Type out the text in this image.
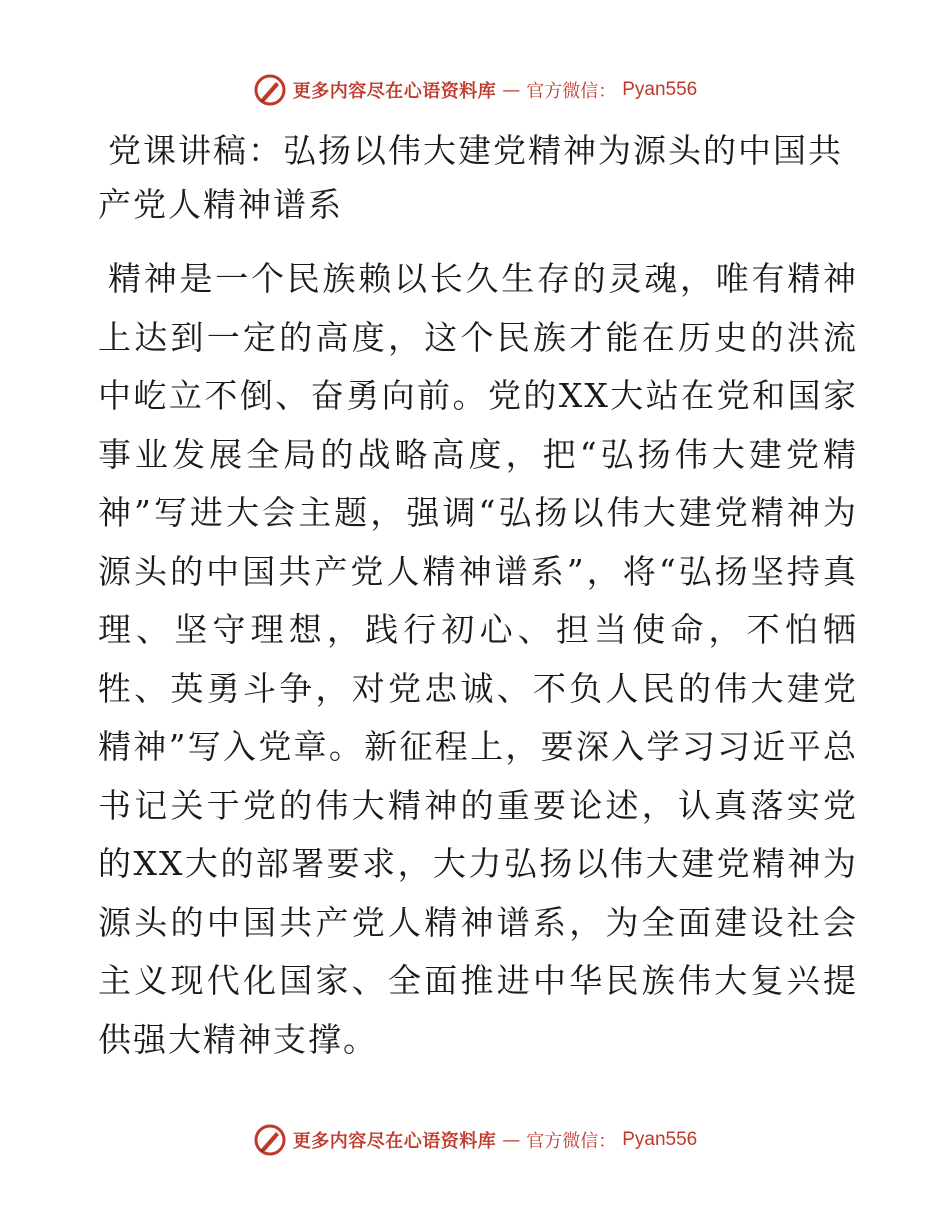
更多内容尽在心语资料库 — 官方微信： Pyan556
党课讲稿：弘扬以伟大建党精神为源头的中国共产党人精神谱系

精神是一个民族赖以长久生存的灵魂，唯有精神上达到一定的高度，这个民族才能在历史的洪流中屹立不倒、奋勇向前。党的XX大站在党和国家事业发展全局的战略高度，把“弘扬伟大建党精神”写进大会主题，强调“弘扬以伟大建党精神为源头的中国共产党人精神谱系”，将“弘扬坚持真理、坚守理想，践行初心、担当使命，不怕牺牲、英勇斗争，对党忠诚、不负人民的伟大建党精神”写入党章。新征程上，要深入学习习近平总书记关于党的伟大精神的重要论述，认真落实党的XX大的部署要求，大力弘扬以伟大建党精神为源头的中国共产党人精神谱系，为全面建设社会主义现代化国家、全面推进中华民族伟大复兴提供强大精神支撑。

更多内容尽在心语资料库 — 官方微信： Pyan556
